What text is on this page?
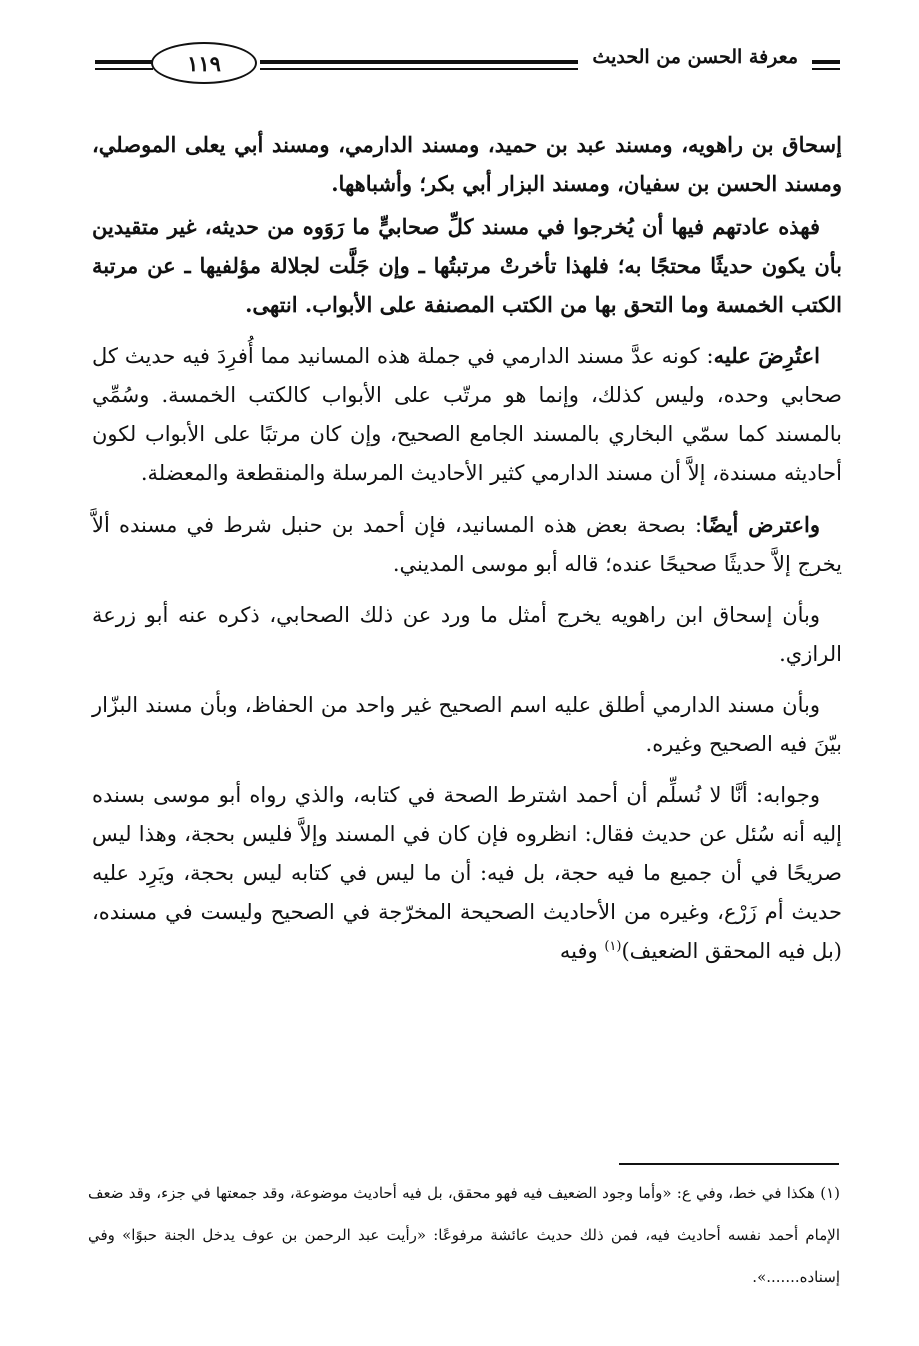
معرفة الحسن من الحديث
١١٩

إسحاق بن راهويه، ومسند عبد بن حميد، ومسند الدارمي، ومسند أبي يعلى الموصلي، ومسند الحسن بن سفيان، ومسند البزار أبي بكر؛ وأشباهها.

فهذه عادتهم فيها أن يُخرجوا في مسند كلِّ صحابيٍّ ما رَوَوه من حديثه، غير متقيدين بأن يكون حديثًا محتجًا به؛ فلهذا تأخرتْ مرتبتُها ـ وإن جَلَّت لجلالة مؤلفيها ـ عن مرتبة الكتب الخمسة وما التحق بها من الكتب المصنفة على الأبواب. انتهى.

اعتُرِضَ عليه: كونه عدَّ مسند الدارمي في جملة هذه المسانيد مما أُفرِدَ فيه حديث كل صحابي وحده، وليس كذلك، وإنما هو مرتّب على الأبواب كالكتب الخمسة. وسُمِّي بالمسند كما سمّي البخاري بالمسند الجامع الصحيح، وإن كان مرتبًا على الأبواب لكون أحاديثه مسندة، إلاَّ أن مسند الدارمي كثير الأحاديث المرسلة والمنقطعة والمعضلة.

واعترض أيضًا: بصحة بعض هذه المسانيد، فإن أحمد بن حنبل شرط في مسنده ألاَّ يخرج إلاَّ حديثًا صحيحًا عنده؛ قاله أبو موسى المديني.

وبأن إسحاق ابن راهويه يخرج أمثل ما ورد عن ذلك الصحابي، ذكره عنه أبو زرعة الرازي.

وبأن مسند الدارمي أطلق عليه اسم الصحيح غير واحد من الحفاظ، وبأن مسند البزّار بيّنَ فيه الصحيح وغيره.

وجوابه: أنَّا لا نُسلِّم أن أحمد اشترط الصحة في كتابه، والذي رواه أبو موسى بسنده إليه أنه سُئل عن حديث فقال: انظروه فإن كان في المسند وإلاَّ فليس بحجة، وهذا ليس صريحًا في أن جميع ما فيه حجة، بل فيه: أن ما ليس في كتابه ليس بحجة، ويَرِد عليه حديث أم زَرْع، وغيره من الأحاديث الصحيحة المخرّجة في الصحيح وليست في مسنده، (بل فيه المحقق الضعيف)$^{(١)}$ وفيه

(١) هكذا في خط، وفي ع: «وأما وجود الضعيف فيه فهو محقق، بل فيه أحاديث موضوعة، وقد جمعتها في جزء، وقد ضعف الإمام أحمد نفسه أحاديث فيه، فمن ذلك حديث عائشة مرفوعًا: «رأيت عبد الرحمن بن عوف يدخل الجنة حبوًا» وفي إسناده.......».
